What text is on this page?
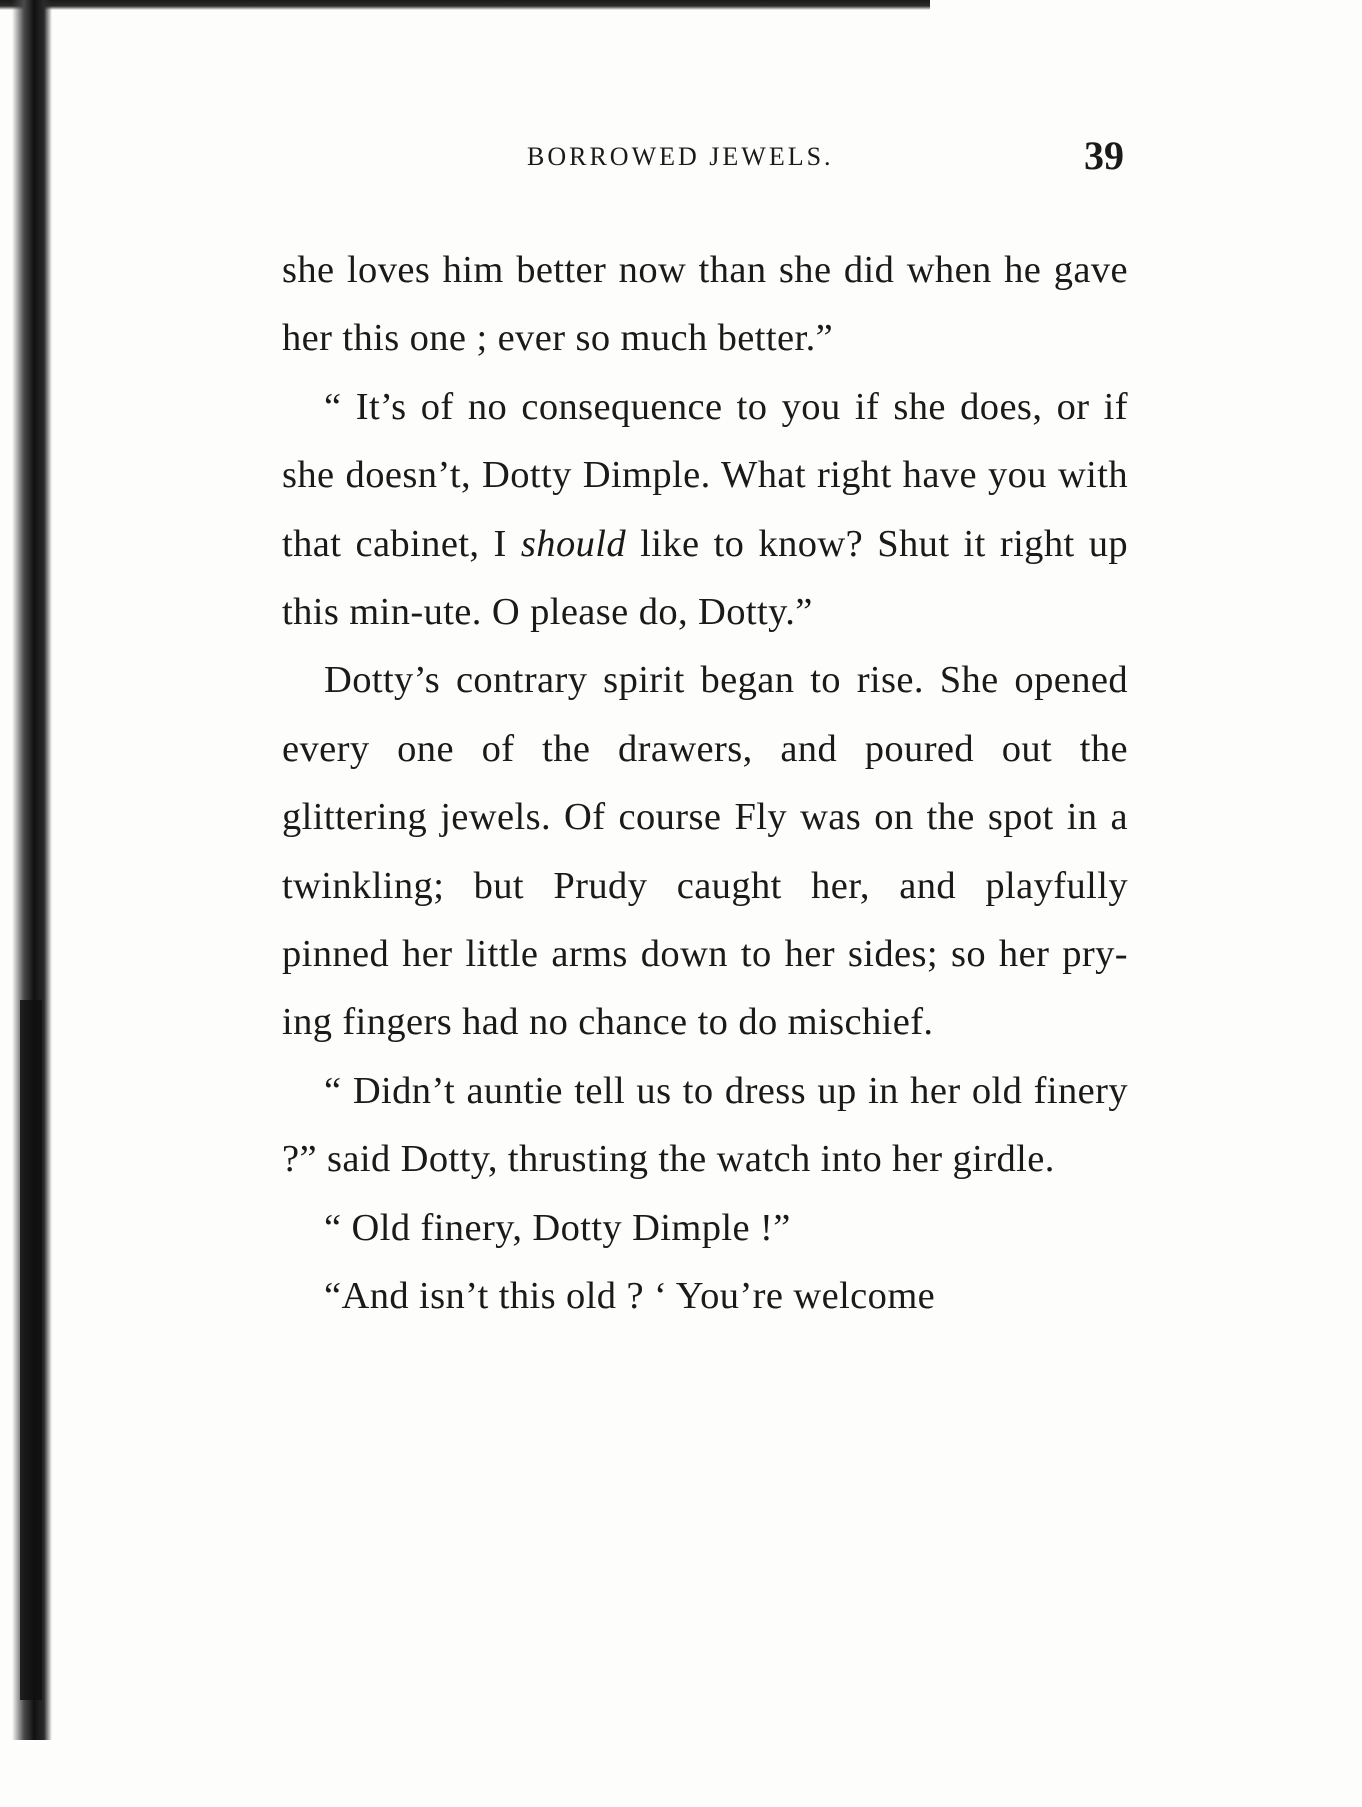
BORROWED JEWELS.	39

she loves him better now than she did when he gave her this one ; ever so much better.”

“ It’s of no consequence to you if she does, or if she doesn’t, Dotty Dimple. What right have you with that cabinet, I should like to know? Shut it right up this min-ute. O please do, Dotty.”

Dotty’s contrary spirit began to rise. She opened every one of the drawers, and poured out the glittering jewels. Of course Fly was on the spot in a twinkling; but Prudy caught her, and playfully pinned her little arms down to her sides; so her pry-ing fingers had no chance to do mischief.

“ Didn’t auntie tell us to dress up in her old finery ?” said Dotty, thrusting the watch into her girdle.

“ Old finery, Dotty Dimple !”

“And isn’t this old ? ‘ You’re welcome
